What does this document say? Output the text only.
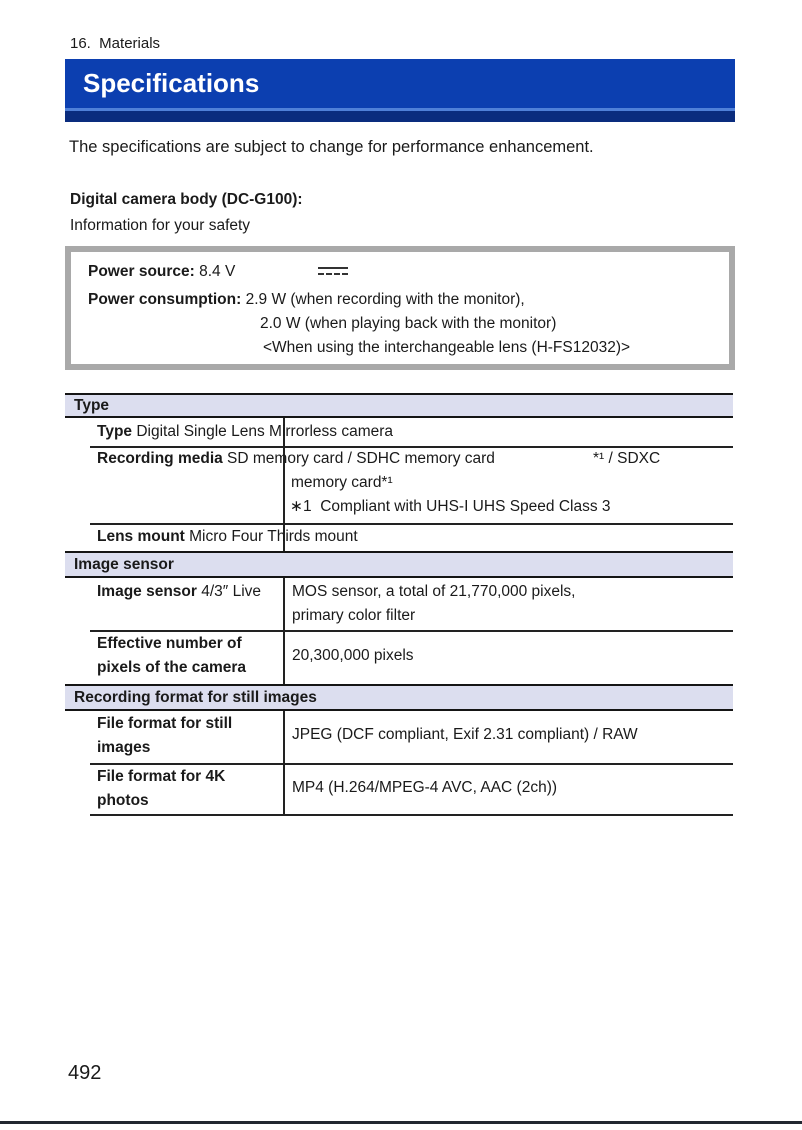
16.  Materials

Specifications

The specifications are subject to change for performance enhancement.
Digital camera body (DC-G100):
Information for your safety
Power source: 8.4 V
Power consumption: 2.9 W (when recording with the monitor),
2.0 W (when playing back with the monitor)
<When using the interchangeable lens (H-FS12032)>
Type
Type Digital Single Lens Mirrorless camera
Recording media SD memory card / SDHC memory card	*¹ / SDXC
memory card*¹
∗1  Compliant with UHS-I UHS Speed Class 3
Lens mount Micro Four Thirds mount
Image sensor
Image sensor 4/3″ Live MOS sensor, a total of 21,770,000 pixels,
primary color filter
Effective number of
pixels of the camera
20,300,000 pixels
Recording format for still images
File format for still
images
JPEG (DCF compliant, Exif 2.31 compliant) / RAW
File format for 4K
photos
MP4 (H.264/MPEG-4 AVC, AAC (2ch))
492
